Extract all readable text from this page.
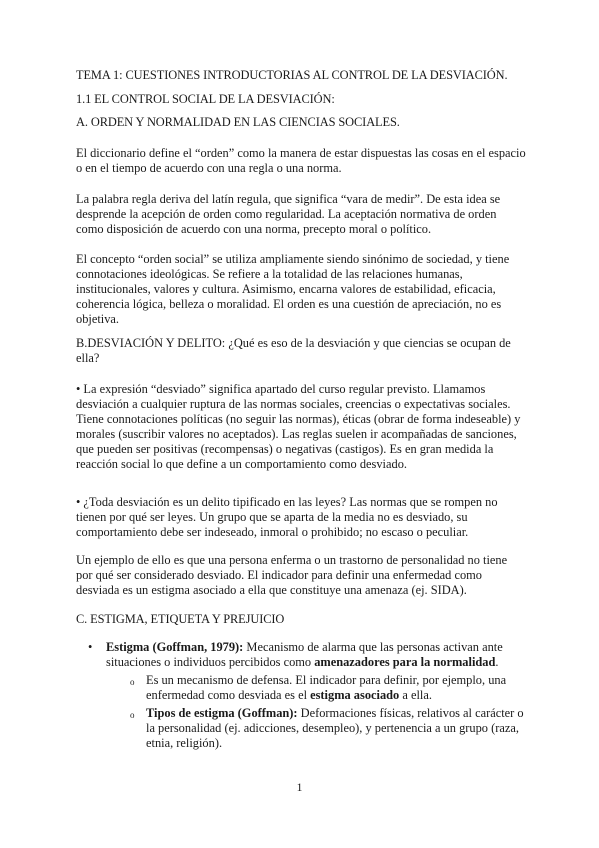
TEMA 1: CUESTIONES INTRODUCTORIAS AL CONTROL DE LA DESVIACIÓN.

1.1 EL CONTROL SOCIAL DE LA DESVIACIÓN:

A. ORDEN Y NORMALIDAD EN LAS CIENCIAS SOCIALES.

El diccionario define el “orden” como la manera de estar dispuestas las cosas en el espacio o en el tiempo de acuerdo con una regla o una norma.

La palabra regla deriva del latín regula, que significa “vara de medir”. De esta idea se desprende la acepción de orden como regularidad. La aceptación normativa de orden como disposición de acuerdo con una norma, precepto moral o político.

El concepto “orden social” se utiliza ampliamente siendo sinónimo de sociedad, y tiene connotaciones ideológicas. Se refiere a la totalidad de las relaciones humanas, institucionales, valores y cultura. Asimismo, encarna valores de estabilidad, eficacia, coherencia lógica, belleza o moralidad. El orden es una cuestión de apreciación, no es objetiva.

B.DESVIACIÓN Y DELITO: ¿Qué es eso de la desviación y que ciencias se ocupan de ella?

• La expresión “desviado” significa apartado del curso regular previsto. Llamamos desviación a cualquier ruptura de las normas sociales, creencias o expectativas sociales. Tiene connotaciones políticas (no seguir las normas), éticas (obrar de forma indeseable) y morales (suscribir valores no aceptados). Las reglas suelen ir acompañadas de sanciones, que pueden ser positivas (recompensas) o negativas (castigos). Es en gran medida la reacción social lo que define a un comportamiento como desviado.

• ¿Toda desviación es un delito tipificado en las leyes? Las normas que se rompen no tienen por qué ser leyes. Un grupo que se aparta de la media no es desviado, su comportamiento debe ser indeseado, inmoral o prohibido; no escaso o peculiar.

Un ejemplo de ello es que una persona enferma o un trastorno de personalidad no tiene por qué ser considerado desviado. El indicador para definir una enfermedad como desviada es un estigma asociado a ella que constituye una amenaza (ej. SIDA).

C. ESTIGMA, ETIQUETA Y PREJUICIO

• Estigma (Goffman, 1979): Mecanismo de alarma que las personas activan ante situaciones o individuos percibidos como amenazadores para la normalidad.
o Es un mecanismo de defensa. El indicador para definir, por ejemplo, una enfermedad como desviada es el estigma asociado a ella.
o Tipos de estigma (Goffman): Deformaciones físicas, relativos al carácter o la personalidad (ej. adicciones, desempleo), y pertenencia a un grupo (raza, etnia, religión).
1
